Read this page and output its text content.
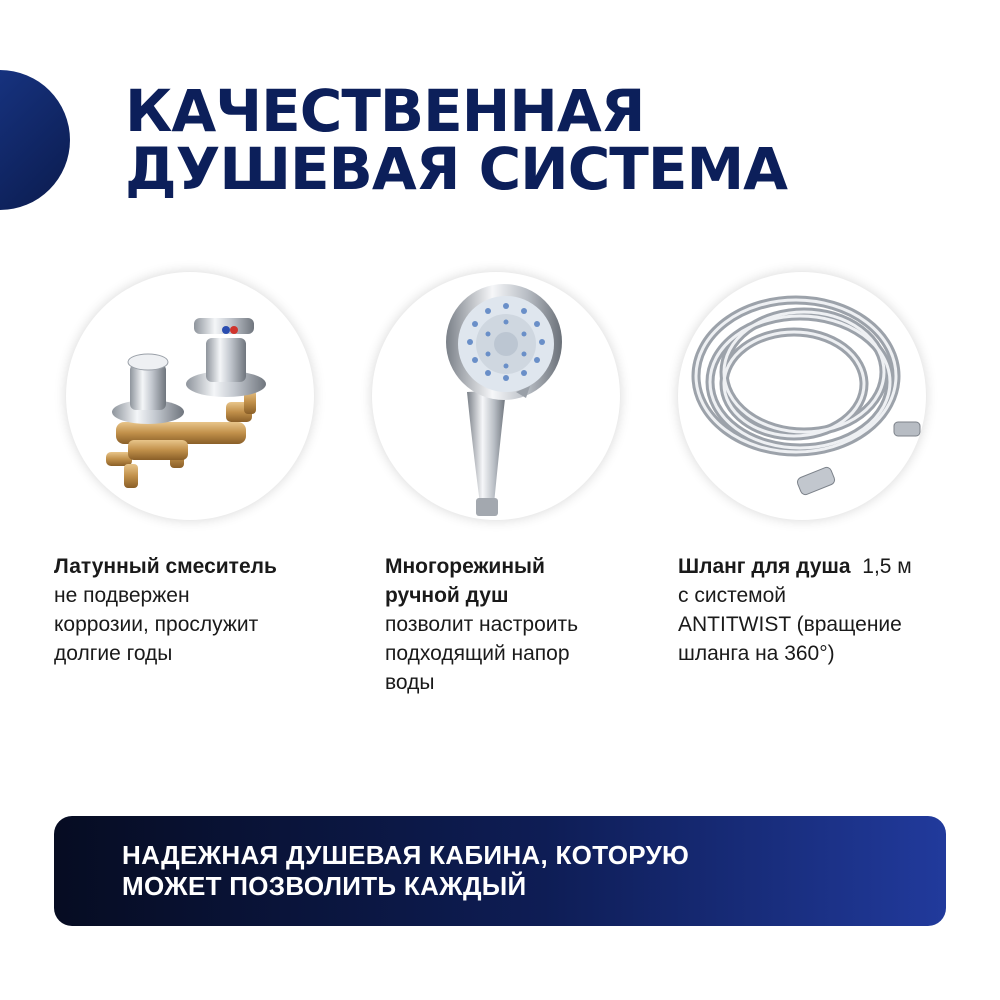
КАЧЕСТВЕННАЯ
ДУШЕВАЯ СИСТЕМА
Латунный смеситель
не подвержен
коррозии, прослужит
долгие годы
Многорежиный
ручной душ
позволит настроить
подходящий напор
воды
Шланг для душа 1,5 м
с системой
ANTITWIST (вращение
шланга на 360°)

НАДЕЖНАЯ ДУШЕВАЯ КАБИНА, КОТОРУЮ
МОЖЕТ ПОЗВОЛИТЬ КАЖДЫЙ
